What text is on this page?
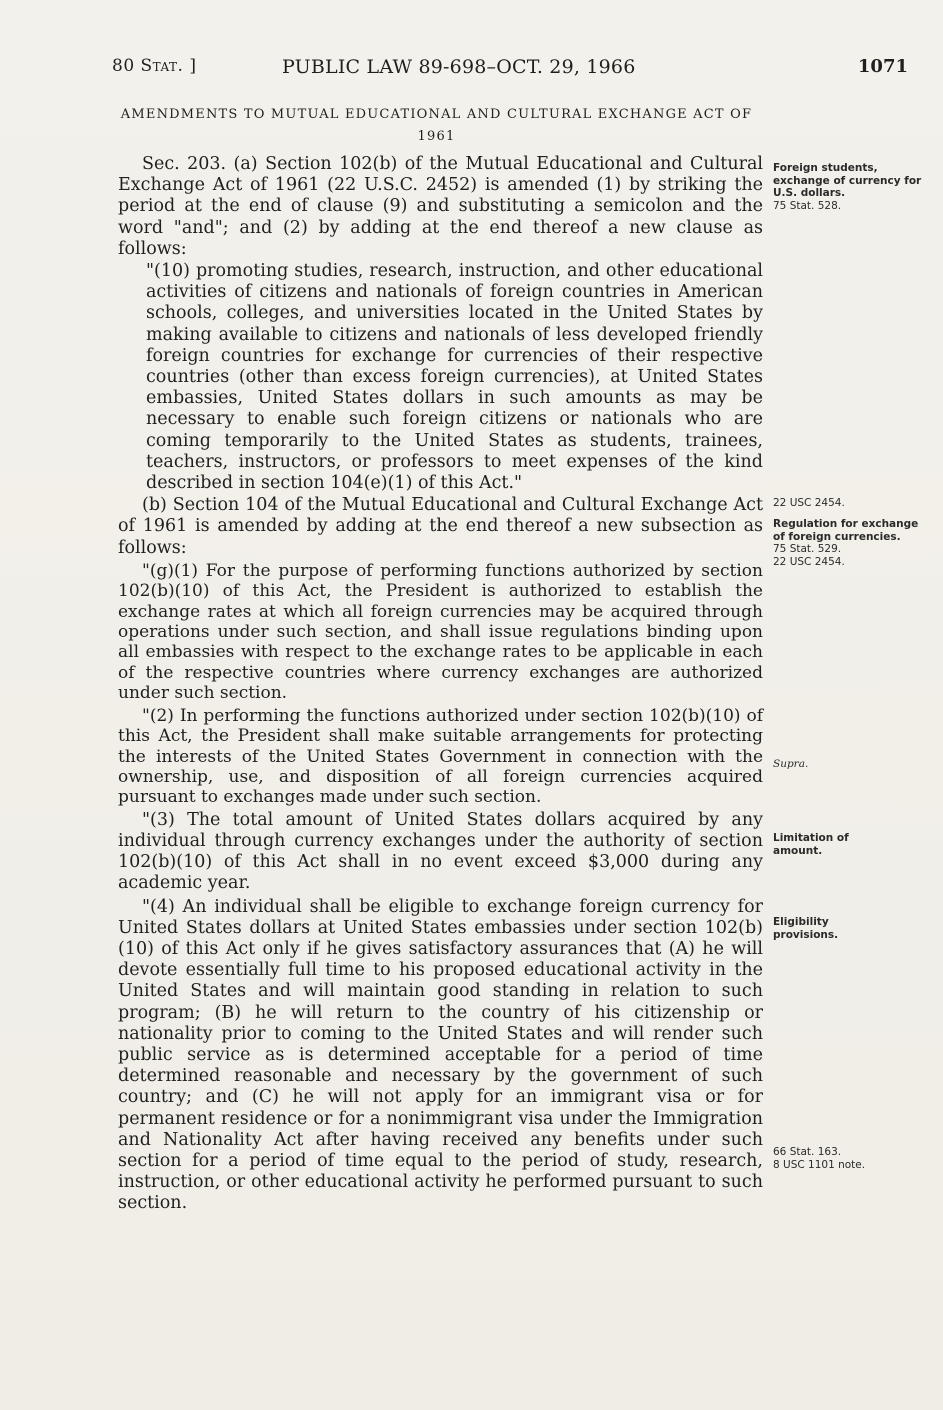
80 Stat. ]	PUBLIC LAW 89-698–OCT. 29, 1966	1071
AMENDMENTS TO MUTUAL EDUCATIONAL AND CULTURAL EXCHANGE ACT OF 1961

Sec. 203. (a) Section 102(b) of the Mutual Educational and Cultural Exchange Act of 1961 (22 U.S.C. 2452) is amended (1) by striking the period at the end of clause (9) and substituting a semicolon and the word "and"; and (2) by adding at the end thereof a new clause as follows:

"(10) promoting studies, research, instruction, and other educational activities of citizens and nationals of foreign countries in American schools, colleges, and universities located in the United States by making available to citizens and nationals of less developed friendly foreign countries for exchange for currencies of their respective countries (other than excess foreign currencies), at United States embassies, United States dollars in such amounts as may be necessary to enable such foreign citizens or nationals who are coming temporarily to the United States as students, trainees, teachers, instructors, or professors to meet expenses of the kind described in section 104(e)(1) of this Act."

(b) Section 104 of the Mutual Educational and Cultural Exchange Act of 1961 is amended by adding at the end thereof a new subsection as follows:

"(g)(1) For the purpose of performing functions authorized by section 102(b)(10) of this Act, the President is authorized to establish the exchange rates at which all foreign currencies may be acquired through operations under such section, and shall issue regulations binding upon all embassies with respect to the exchange rates to be applicable in each of the respective countries where currency exchanges are authorized under such section.

"(2) In performing the functions authorized under section 102(b)(10) of this Act, the President shall make suitable arrangements for protecting the interests of the United States Government in connection with the ownership, use, and disposition of all foreign currencies acquired pursuant to exchanges made under such section.

"(3) The total amount of United States dollars acquired by any individual through currency exchanges under the authority of section 102(b)(10) of this Act shall in no event exceed $3,000 during any academic year.

"(4) An individual shall be eligible to exchange foreign currency for United States dollars at United States embassies under section 102(b)(10) of this Act only if he gives satisfactory assurances that (A) he will devote essentially full time to his proposed educational activity in the United States and will maintain good standing in relation to such program; (B) he will return to the country of his citizenship or nationality prior to coming to the United States and will render such public service as is determined acceptable for a period of time determined reasonable and necessary by the government of such country; and (C) he will not apply for an immigrant visa or for permanent residence or for a nonimmigrant visa under the Immigration and Nationality Act after having received any benefits under such section for a period of time equal to the period of study, research, instruction, or other educational activity he performed pursuant to such section.

Foreign students, exchange of currency for U.S. dollars.
75 Stat. 528.
22 USC 2454.
Regulation for exchange of foreign currencies.
75 Stat. 529.
22 USC 2454.
Supra.
Limitation of amount.
Eligibility provisions.
66 Stat. 163.
8 USC 1101 note.
